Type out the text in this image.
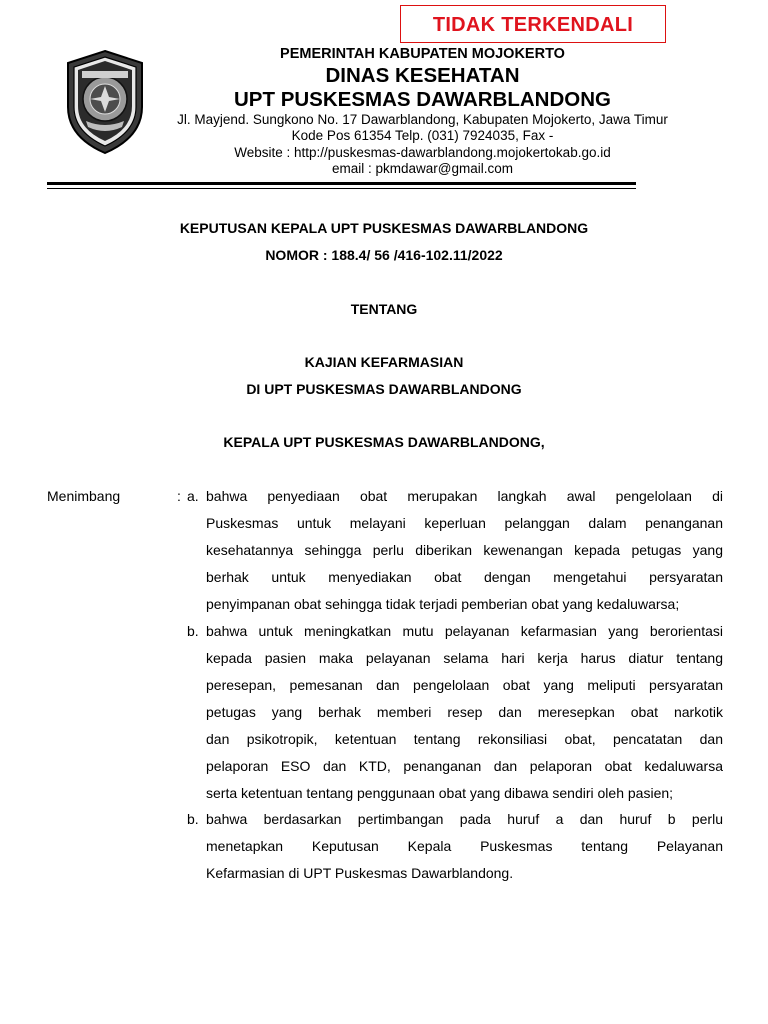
TIDAK TERKENDALI
PEMERINTAH KABUPATEN MOJOKERTO
DINAS KESEHATAN
UPT PUSKESMAS DAWARBLANDONG
Jl. Mayjend. Sungkono No. 17 Dawarblandong, Kabupaten Mojokerto, Jawa Timur
Kode Pos 61354 Telp. (031) 7924035, Fax -
Website : http://puskesmas-dawarblandong.mojokertokab.go.id
email : pkmdawar@gmail.com
KEPUTUSAN KEPALA UPT PUSKESMAS DAWARBLANDONG
NOMOR : 188.4/ 56 /416-102.11/2022
TENTANG
KAJIAN KEFARMASIAN
DI UPT PUSKESMAS DAWARBLANDONG
KEPALA UPT PUSKESMAS DAWARBLANDONG,
Menimbang	: a. bahwa penyediaan obat merupakan langkah awal pengelolaan di
Puskesmas untuk melayani keperluan pelanggan dalam penanganan
kesehatannya sehingga perlu diberikan kewenangan kepada petugas yang
berhak untuk menyediakan obat dengan mengetahui persyaratan
penyimpanan obat sehingga tidak terjadi pemberian obat yang kedaluwarsa;
b. bahwa untuk meningkatkan mutu pelayanan kefarmasian yang berorientasi
kepada pasien maka pelayanan selama hari kerja harus diatur tentang
peresepan, pemesanan dan pengelolaan obat yang meliputi persyaratan
petugas yang berhak memberi resep dan meresepkan obat narkotik
dan psikotropik, ketentuan tentang rekonsiliasi obat, pencatatan dan
pelaporan ESO dan KTD, penanganan dan pelaporan obat kedaluwarsa
serta ketentuan tentang penggunaan obat yang dibawa sendiri oleh pasien;
b. bahwa berdasarkan pertimbangan pada huruf a dan huruf b perlu
menetapkan Keputusan Kepala Puskesmas tentang Pelayanan
Kefarmasian di UPT Puskesmas Dawarblandong.
